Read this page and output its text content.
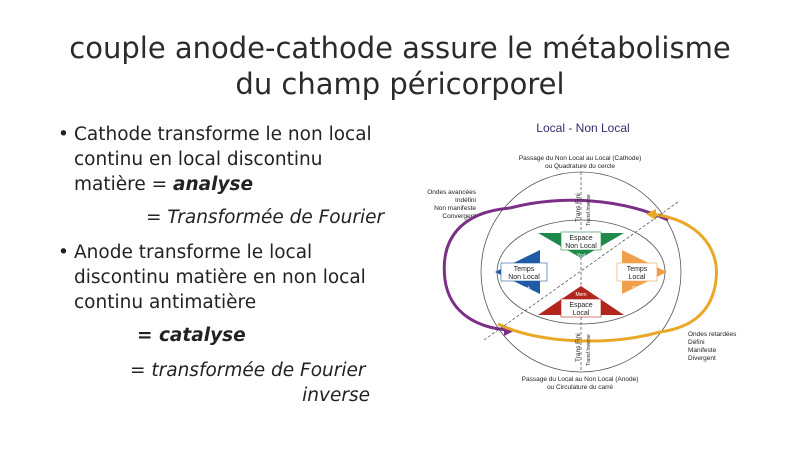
couple anode-cathode assure le métabolisme
du champ péricorporel
• Cathode transforme le non local
continu en local discontinu
matière = analyse
= Transformée de Fourier
• Anode transforme le local
discontinu matière en non local
continu antimatière
= catalyse
= transformée de Fourier
inverse
Local - Non Local
Passage du Non Local au Local (Cathode)
ou Quadrature du cercle
Ondes avancées
Indéfini
Non manifeste
Convergent
Ondes retardées
Défini
Manifeste
Divergent
Trans Fini Transf.Inverse
Trans Fini Transf.Inverse
Espace
Non Local
Yod
Mem
Espace
Local
Temps
Non Local
Aleph
Temps
Local
Shin
Passage du Local au Non Local (Anode)
ou Circulature du carré
